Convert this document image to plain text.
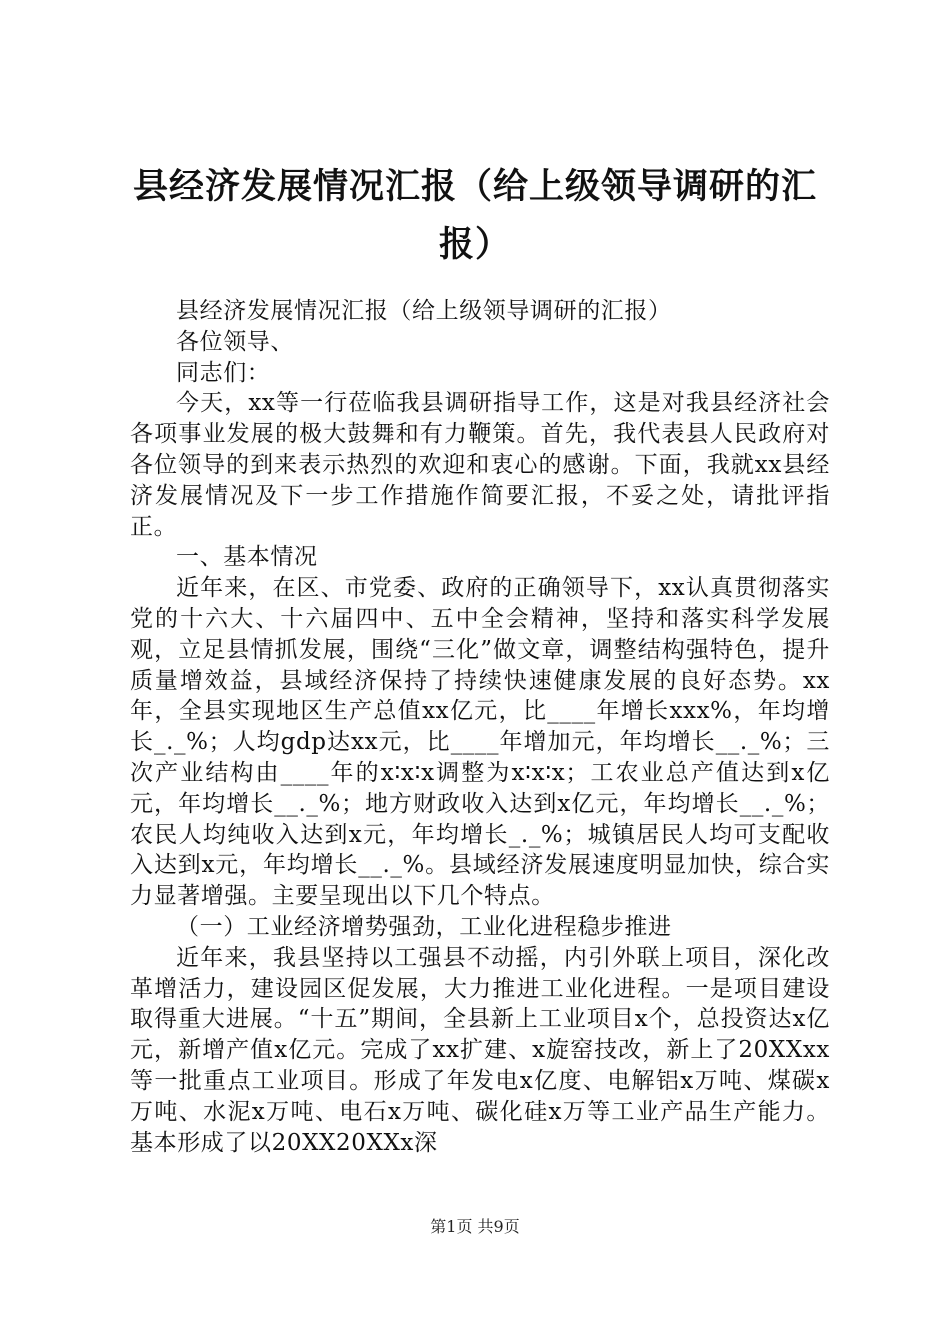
县经济发展情况汇报（给上级领导调研的汇报）

县经济发展情况汇报（给上级领导调研的汇报）

各位领导、

同志们：

今天，xx等一行莅临我县调研指导工作，这是对我县经济社会各项事业发展的极大鼓舞和有力鞭策。首先，我代表县人民政府对各位领导的到来表示热烈的欢迎和衷心的感谢。下面，我就xx县经济发展情况及下一步工作措施作简要汇报，不妥之处，请批评指正。

一、基本情况

近年来，在区、市党委、政府的正确领导下，xx认真贯彻落实党的十六大、十六届四中、五中全会精神，坚持和落实科学发展观，立足县情抓发展，围绕“三化”做文章，调整结构强特色，提升质量增效益，县域经济保持了持续快速健康发展的良好态势。xx年，全县实现地区生产总值xx亿元，比____年增长xxx%，年均增长_._%；人均gdp达xx元，比____年增加元，年均增长__._%；三次产业结构由____年的x∶x∶x调整为x∶x∶x；工农业总产值达到x亿元，年均增长__._%；地方财政收入达到x亿元，年均增长__._%；农民人均纯收入达到x元，年均增长_._%；城镇居民人均可支配收入达到x元，年均增长__._%。县域经济发展速度明显加快，综合实力显著增强。主要呈现出以下几个特点。

（一）工业经济增势强劲，工业化进程稳步推进

近年来，我县坚持以工强县不动摇，内引外联上项目，深化改革增活力，建设园区促发展，大力推进工业化进程。一是项目建设取得重大进展。“十五”期间，全县新上工业项目x个，总投资达x亿元，新增产值x亿元。完成了xx扩建、x旋窑技改，新上了20XXxx等一批重点工业项目。形成了年发电x亿度、电解铝x万吨、煤碳x万吨、水泥x万吨、电石x万吨、碳化硅x万等工业产品生产能力。基本形成了以20XX20XXx深

第1页 共9页
